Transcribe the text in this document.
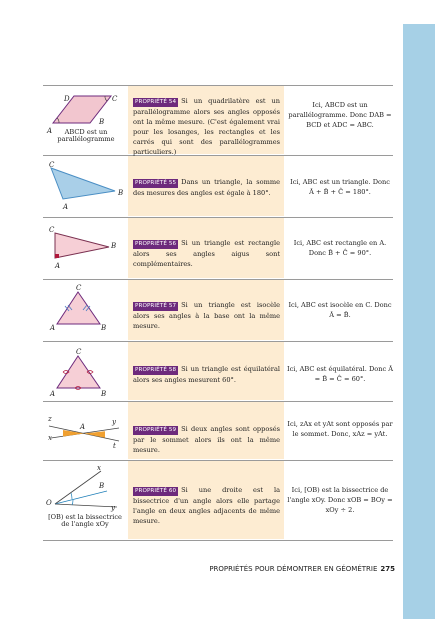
A
B
C
D
ABCD est un parallélogramme
PROPRIÉTÉ 54 Si un quadrilatère est un parallélogramme alors ses angles opposés ont la même mesure. (C'est également vrai pour les losanges, les rectangles et les carrés qui sont des parallélogrammes particuliers.)
Ici, ABCD est un parallélogramme. Donc DAB = BCD et ADC = ABC.
C
B
A
PROPRIÉTÉ 55 Dans un triangle, la somme des mesures des angles est égale à 180°.
Ici, ABC est un triangle. Donc Â + B̂ + Ĉ = 180°.
C
B
A
PROPRIÉTÉ 56 Si un triangle est rectangle alors ses angles aigus sont complémentaires.
Ici, ABC est rectangle en A. Donc B̂ + Ĉ = 90°.
C
A	B
PROPRIÉTÉ 57 Si un triangle est isocèle alors ses angles à la base ont la même mesure.
Ici, ABC est isocèle en C. Donc Â = B̂.
C
A	B
PROPRIÉTÉ 58 Si un triangle est équilatéral alors ses angles mesurent 60°.
Ici, ABC est équilatéral. Donc Â = B̂ = Ĉ = 60°.
z	y
x
A
t
PROPRIÉTÉ 59 Si deux angles sont opposés par le sommet alors ils ont la même mesure.
Ici, zAx et yAt sont opposés par le sommet. Donc, xAz = yAt.
x
B
y
O
[OB) est la bissectrice de l'angle xOy
PROPRIÉTÉ 60 Si une droite est la bissectrice d'un angle alors elle partage l'angle en deux angles adjacents de même mesure.
Ici, [OB) est la bissectrice de l'angle xOy. Donc xOB = BOy = xOy ÷ 2.
PROPRIÉTÉS POUR DÉMONTRER EN GÉOMÉTRIE 275
